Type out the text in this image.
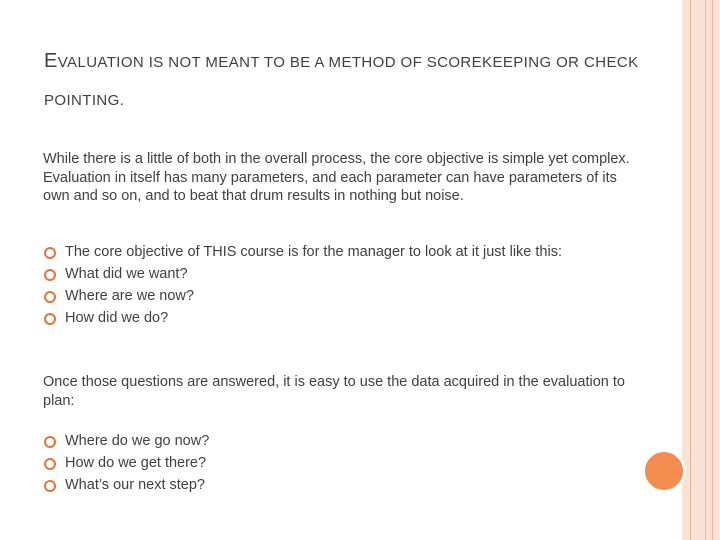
EVALUATION IS NOT MEANT TO BE A METHOD OF SCOREKEEPING OR CHECK POINTING.

While there is a little of both in the overall process, the core objective is simple yet complex. Evaluation in itself has many parameters, and each parameter can have parameters of its own and so on, and to beat that drum results in nothing but noise.

The core objective of THIS course is for the manager to look at it just like this:
What did we want?
Where are we now?
How did we do?

Once those questions are answered, it is easy to use the data acquired in the evaluation to plan:

Where do we go now?
How do we get there?
What’s our next step?
